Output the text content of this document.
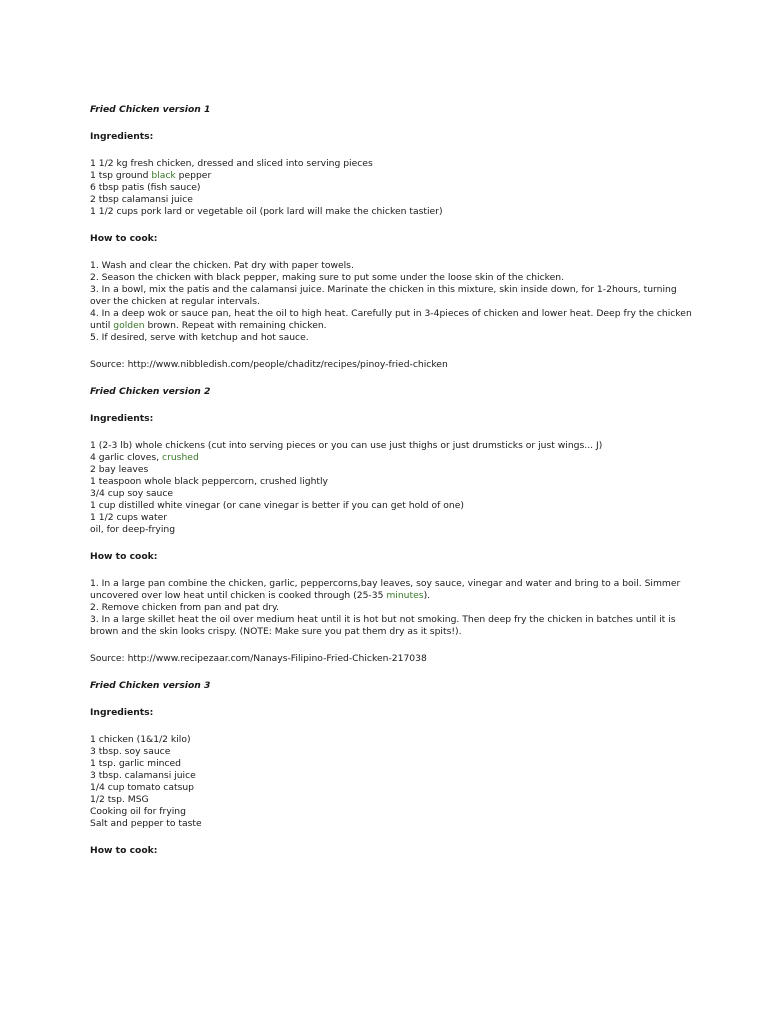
Fried Chicken version 1
Ingredients:
1 1/2 kg fresh chicken, dressed and sliced into serving pieces
1 tsp ground black pepper
6 tbsp patis (fish sauce)
2 tbsp calamansi juice
1 1/2 cups pork lard or vegetable oil (pork lard will make the chicken tastier)
How to cook:
1. Wash and clear the chicken. Pat dry with paper towels.
2. Season the chicken with black pepper, making sure to put some under the loose skin of the chicken.
3. In a bowl, mix the patis and the calamansi juice. Marinate the chicken in this mixture, skin inside down, for 1-2hours, turning
over the chicken at regular intervals.
4. In a deep wok or sauce pan, heat the oil to high heat. Carefully put in 3-4pieces of chicken and lower heat. Deep fry the chicken
until golden brown. Repeat with remaining chicken.
5. If desired, serve with ketchup and hot sauce.
Source: http://www.nibbledish.com/people/chaditz/recipes/pinoy-fried-chicken
Fried Chicken version 2
Ingredients:
1 (2-3 lb) whole chickens (cut into serving pieces or you can use just thighs or just drumsticks or just wings... J)
4 garlic cloves, crushed
2 bay leaves
1 teaspoon whole black peppercorn, crushed lightly
3/4 cup soy sauce
1 cup distilled white vinegar (or cane vinegar is better if you can get hold of one)
1 1/2 cups water
oil, for deep-frying
How to cook:
1. In a large pan combine the chicken, garlic, peppercorns,bay leaves, soy sauce, vinegar and water and bring to a boil. Simmer
uncovered over low heat until chicken is cooked through (25-35 minutes).
2. Remove chicken from pan and pat dry.
3. In a large skillet heat the oil over medium heat until it is hot but not smoking. Then deep fry the chicken in batches until it is
brown and the skin looks crispy. (NOTE: Make sure you pat them dry as it spits!).
Source: http://www.recipezaar.com/Nanays-Filipino-Fried-Chicken-217038
Fried Chicken version 3
Ingredients:
1 chicken (1&1/2 kilo)
3 tbsp. soy sauce
1 tsp. garlic minced
3 tbsp. calamansi juice
1/4 cup tomato catsup
1/2 tsp. MSG
Cooking oil for frying
Salt and pepper to taste
How to cook:
